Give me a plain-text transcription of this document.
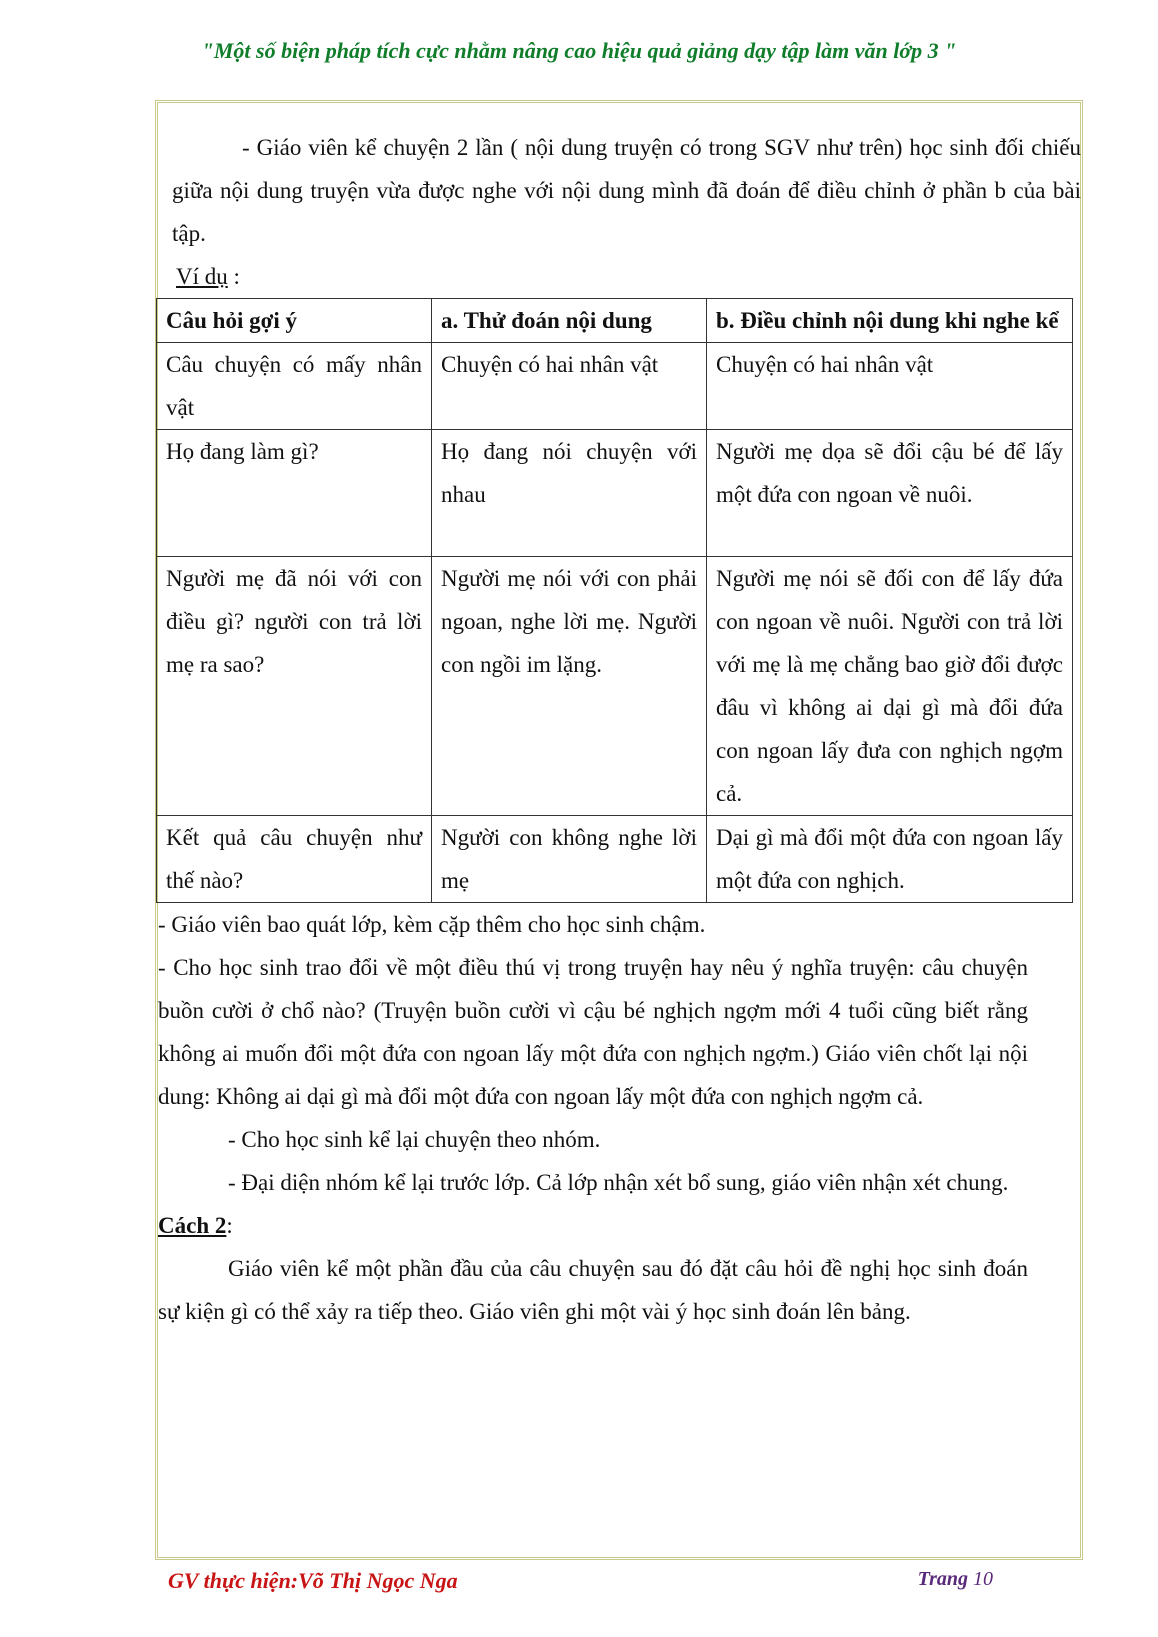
"Một số biện pháp tích cực nhằm nâng cao hiệu quả giảng dạy tập làm văn lớp 3 "

- Giáo viên kể chuyện 2 lần ( nội dung truyện có trong SGV như trên) học sinh đối chiếu giữa nội dung truyện vừa được nghe với nội dung mình đã đoán để điều chỉnh ở phần b của bài tập.

Ví dụ :

Câu hỏi gợi ý	a. Thử đoán nội dung	b. Điều chỉnh nội dung khi nghe kể
Câu chuyện có mấy nhân vật	Chuyện có hai nhân vật	Chuyện có hai nhân vật
Họ đang làm gì?	Họ đang nói chuyện với nhau	Người mẹ dọa sẽ đổi cậu bé để lấy một đứa con ngoan về nuôi.
Người mẹ đã nói với con điều gì? người con trả lời mẹ ra sao?	Người mẹ nói với con phải ngoan, nghe lời mẹ. Người con ngồi im lặng.	Người mẹ nói sẽ đối con để lấy đứa con ngoan về nuôi. Người con trả lời với mẹ là mẹ chẳng bao giờ đổi được đâu vì không ai dại gì mà đổi đứa con ngoan lấy đưa con nghịch ngợm cả.
Kết quả câu chuyện như thế nào?	Người con không nghe lời mẹ	Dại gì mà đổi một đứa con ngoan lấy một đứa con nghịch.

- Giáo viên bao quát lớp, kèm cặp thêm cho học sinh chậm.

- Cho học sinh trao đổi về một điều thú vị trong truyện hay nêu ý nghĩa truyện: câu chuyện buồn cười ở chổ nào? (Truyện buồn cười vì cậu bé nghịch ngợm mới 4 tuổi cũng biết rằng không ai muốn đổi một đứa con ngoan lấy một đứa con nghịch ngợm.) Giáo viên chốt lại nội dung: Không ai dại gì mà đổi một đứa con ngoan lấy một đứa con nghịch ngợm cả.

- Cho học sinh kể lại chuyện theo nhóm.

- Đại diện nhóm kể lại trước lớp. Cả lớp nhận xét bổ sung, giáo viên nhận xét chung.

Cách 2:

Giáo viên kể một phần đầu của câu chuyện sau đó đặt câu hỏi đề nghị học sinh đoán sự kiện gì có thể xảy ra tiếp theo. Giáo viên ghi một vài ý học sinh đoán lên bảng.

GV thực hiện:Võ Thị Ngọc Nga	Trang 10
